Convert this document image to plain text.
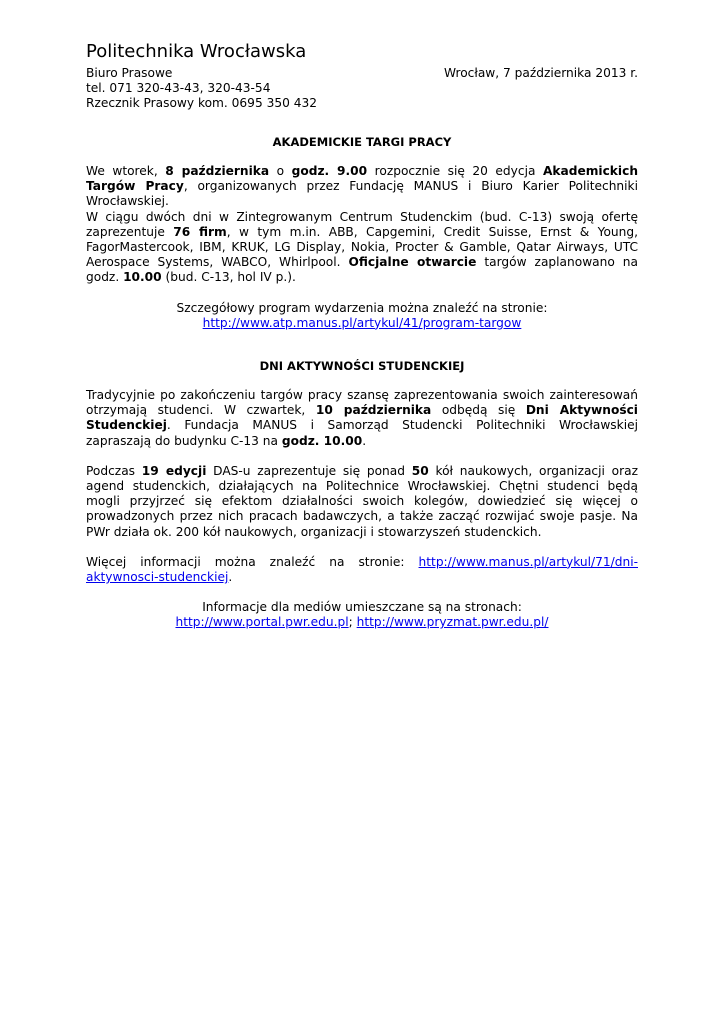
Politechnika Wrocławska
Biuro Prasowe	Wrocław, 7 października 2013 r.
tel. 071 320-43-43, 320-43-54
Rzecznik Prasowy kom. 0695 350 432
AKADEMICKIE TARGI PRACY

We wtorek, 8 października o godz. 9.00 rozpocznie się 20 edycja Akademickich Targów Pracy, organizowanych przez Fundację MANUS i Biuro Karier Politechniki Wrocławskiej.

W ciągu dwóch dni w Zintegrowanym Centrum Studenckim (bud. C-13) swoją ofertę zaprezentuje 76 firm, w tym m.in. ABB, Capgemini, Credit Suisse, Ernst & Young, FagorMastercook, IBM, KRUK, LG Display, Nokia, Procter & Gamble, Qatar Airways, UTC Aerospace Systems, WABCO, Whirlpool. Oficjalne otwarcie targów zaplanowano na godz. 10.00 (bud. C-13, hol IV p.).

Szczegółowy program wydarzenia można znaleźć na stronie:
http://www.atp.manus.pl/artykul/41/program-targow

DNI AKTYWNOŚCI STUDENCKIEJ

Tradycyjnie po zakończeniu targów pracy szansę zaprezentowania swoich zainteresowań otrzymają studenci. W czwartek, 10 października odbędą się Dni Aktywności Studenckiej. Fundacja MANUS i Samorząd Studencki Politechniki Wrocławskiej zapraszają do budynku C-13 na godz. 10.00.

Podczas 19 edycji DAS-u zaprezentuje się ponad 50 kół naukowych, organizacji oraz agend studenckich, działających na Politechnice Wrocławskiej. Chętni studenci będą mogli przyjrzeć się efektom działalności swoich kolegów, dowiedzieć się więcej o prowadzonych przez nich pracach badawczych, a także zacząć rozwijać swoje pasje. Na PWr działa ok. 200 kół naukowych, organizacji i stowarzyszeń studenckich.

Więcej informacji można znaleźć na stronie: http://www.manus.pl/artykul/71/dni-aktywnosci-studenckiej.

Informacje dla mediów umieszczane są na stronach:
http://www.portal.pwr.edu.pl; http://www.pryzmat.pwr.edu.pl/
